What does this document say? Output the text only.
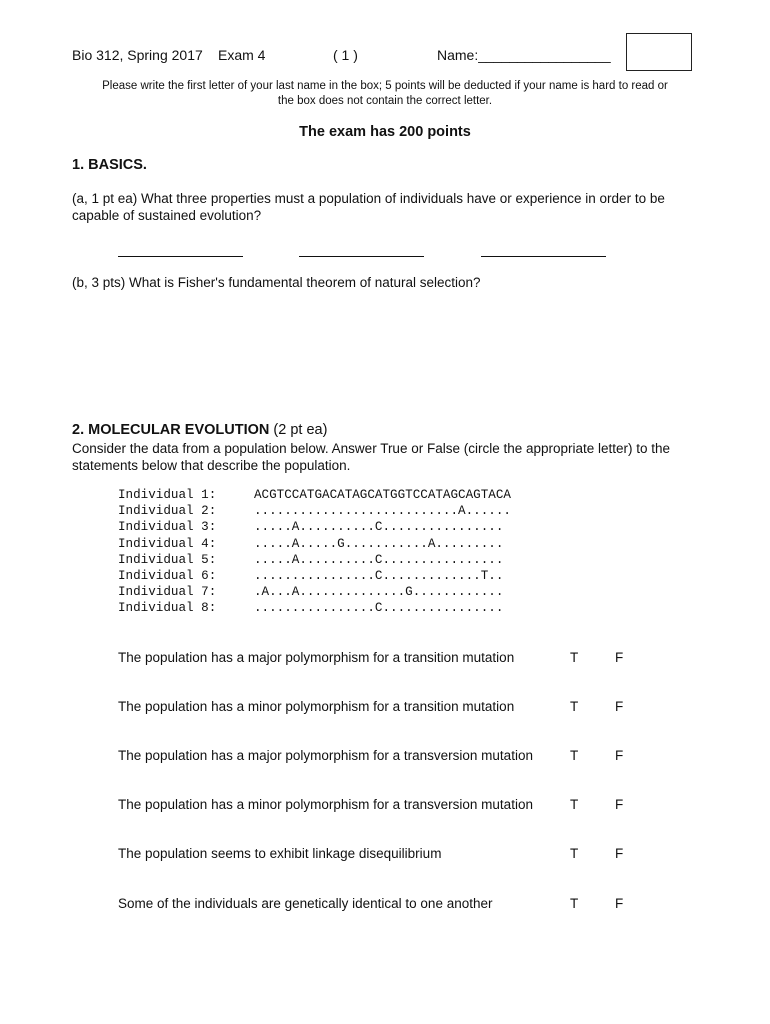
Bio 312, Spring 2017 Exam 4	( 1 )	Name:_________________
Please write the first letter of your last name in the box; 5 points will be deducted if your name is hard to read or the box does not contain the correct letter.
The exam has 200 points
1. BASICS.
(a, 1 pt ea) What three properties must a population of individuals have or experience in order to be capable of sustained evolution?
(b, 3 pts) What is Fisher's fundamental theorem of natural selection?
2. MOLECULAR EVOLUTION (2 pt ea)
Consider the data from a population below. Answer True or False (circle the appropriate letter) to the statements below that describe the population.
Individual 1:	ACGTCCATGACATAGCATGGTCCATAGCAGTACA
Individual 2:	...........................A......
Individual 3:	.....A..........C................
Individual 4:	.....A.....G...........A.........
Individual 5:	.....A..........C................
Individual 6:	................C.............T..
Individual 7:	.A...A..............G............
Individual 8:	................C................
The population has a major polymorphism for a transition mutation	T	F
The population has a minor polymorphism for a transition mutation	T	F
The population has a major polymorphism for a transversion mutation	T	F
The population has a minor polymorphism for a transversion mutation	T	F
The population seems to exhibit linkage disequilibrium	T	F
Some of the individuals are genetically identical to one another	T	F
